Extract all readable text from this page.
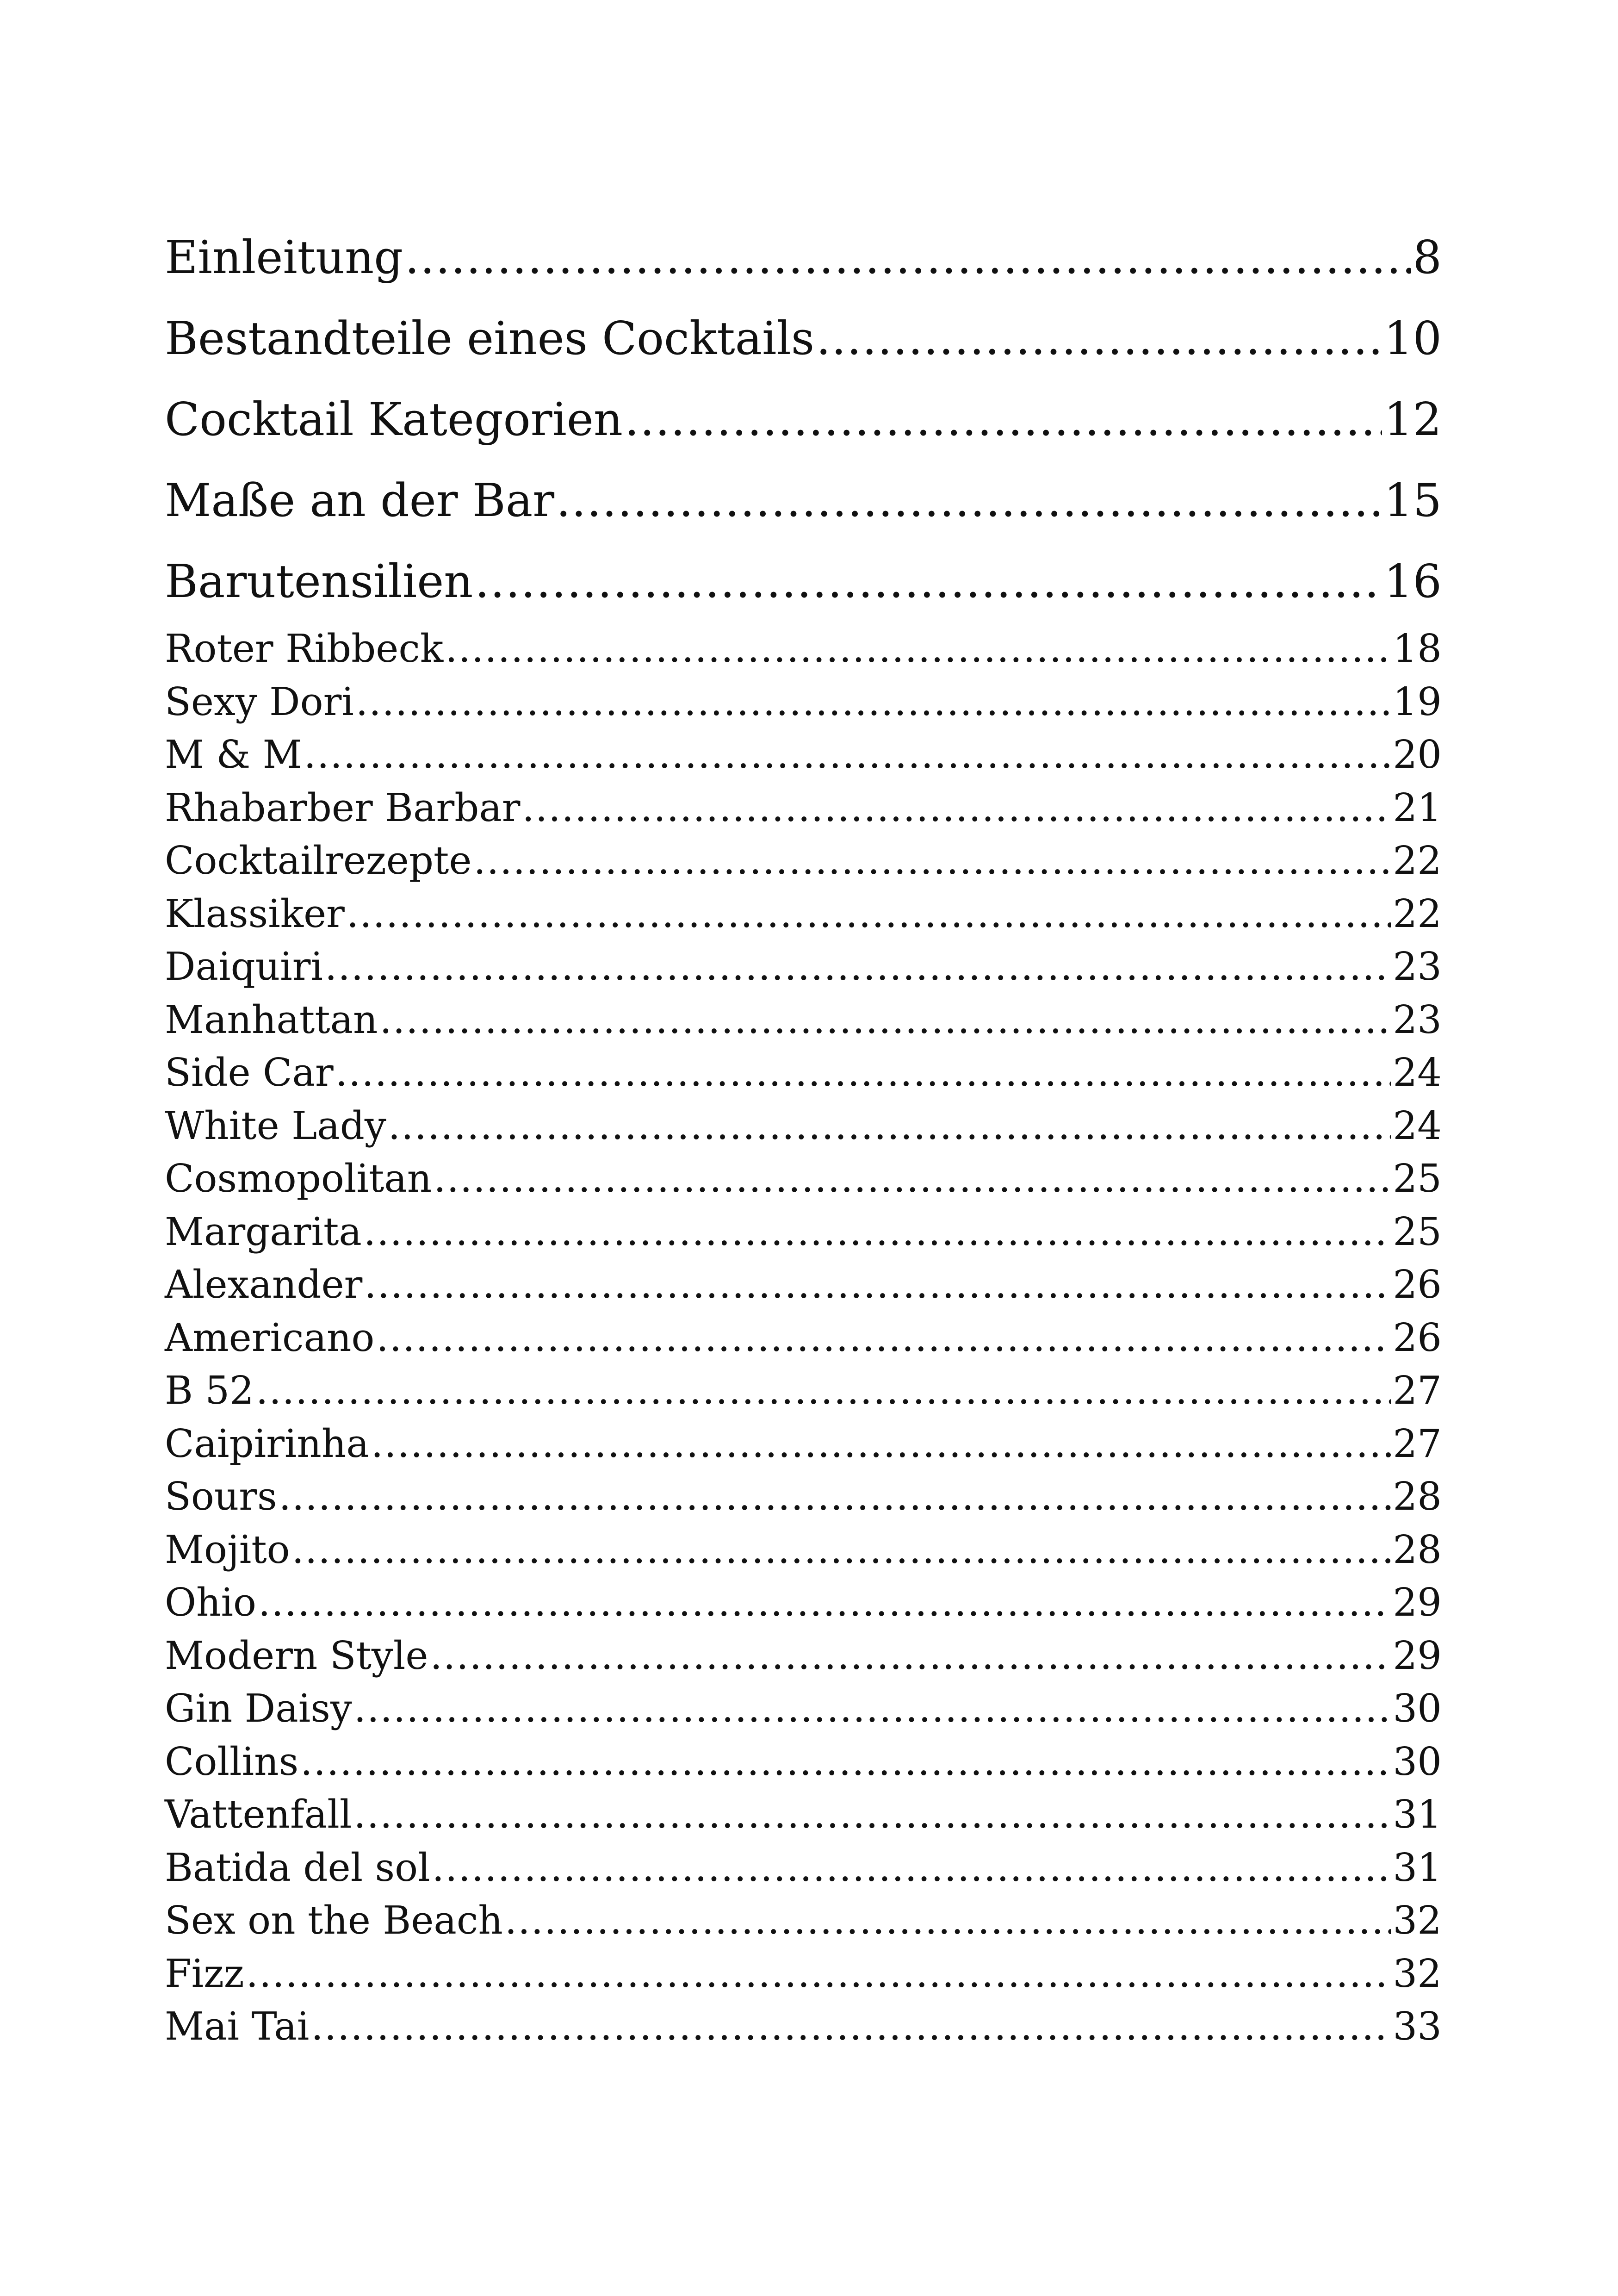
Einleitung .....	8
Bestandteile eines Cocktails .....	10
Cocktail Kategorien .....	12
Maße an der Bar .....	15
Barutensilien .....	16
Roter Ribbeck .....	18
Sexy Dori .....	19
M & M .....	20
Rhabarber Barbar .....	21
Cocktailrezepte .....	22
Klassiker .....	22
Daiquiri .....	23
Manhattan .....	23
Side Car .....	24
White Lady .....	24
Cosmopolitan .....	25
Margarita .....	25
Alexander .....	26
Americano .....	26
B 52 .....	27
Caipirinha .....	27
Sours .....	28
Mojito .....	28
Ohio .....	29
Modern Style .....	29
Gin Daisy .....	30
Collins .....	30
Vattenfall .....	31
Batida del sol .....	31
Sex on the Beach .....	32
Fizz .....	32
Mai Tai .....	33
